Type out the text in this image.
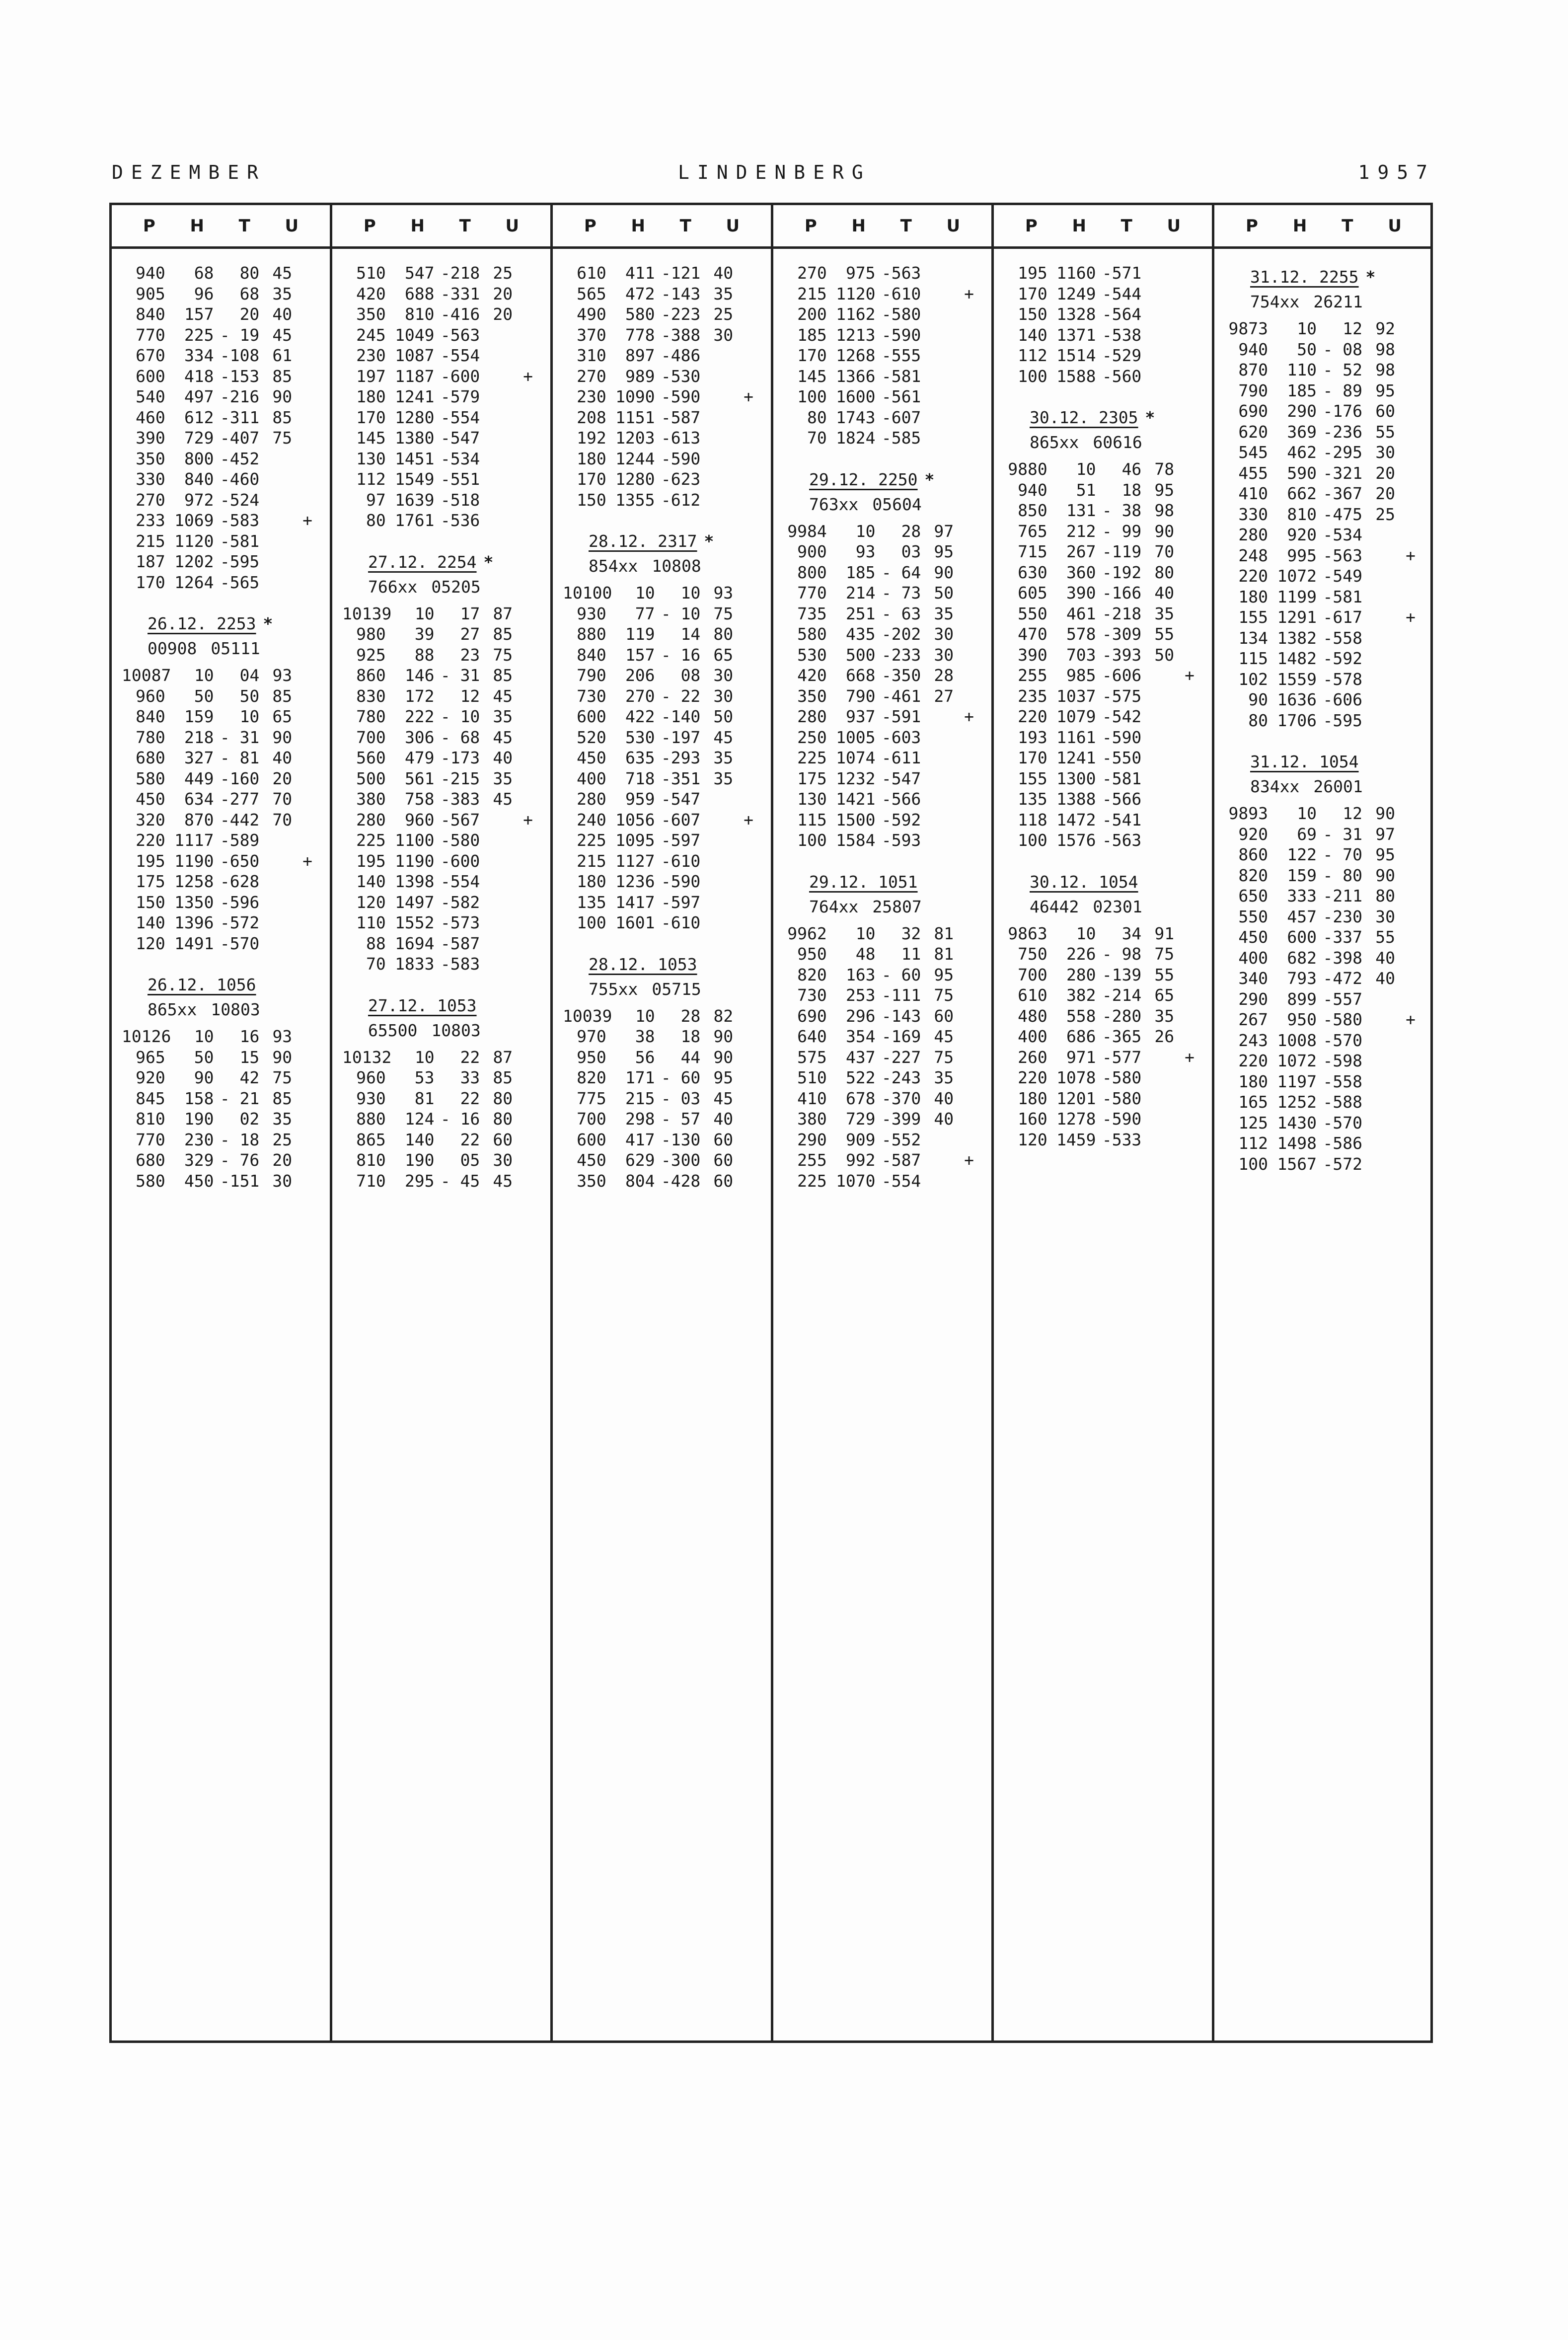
DEZEMBER	LINDENBERG	1957
P H T U
940	68	80 45
905	96	68 35
840	157	20 40
770	225 - 19 45
670	334 -108 61
600	418 -153 85
540	497 -216 90
460	612 -311 85
390	729 -407 75
350	800 -452
330	840 -460
270	972 -524
233 1069 -583	+
215 1120 -581
187 1202 -595
170 1264 -565
26.12. 2253 *
00908 05111
10087	10	04 93
960	50	50 85
840	159	10 65
780	218 - 31 90
680	327 - 81 40
580	449 -160 20
450	634 -277 70
320	870 -442 70
220 1117 -589
195 1190 -650	+
175 1258 -628
150 1350 -596
140 1396 -572
120 1491 -570
26.12. 1056
865xx 10803
10126	10	16 93
965	50	15 90
920	90	42 75
845	158 - 21 85
810	190	02 35
770	230 - 18 25
680	329 - 76 20
580	450 -151 30
P H T U
510	547 -218 25
420	688 -331 20
350	810 -416 20
245 1049 -563
230 1087 -554
197 1187 -600	+
180 1241 -579
170 1280 -554
145 1380 -547
130 1451 -534
112 1549 -551
97 1639 -518
80 1761 -536
27.12. 2254 *
766xx 05205
10139	10	17 87
980	39	27 85
925	88	23 75
860	146 - 31 85
830	172	12 45
780	222 - 10 35
700	306 - 68 45
560	479 -173 40
500	561 -215 35
380	758 -383 45
280	960 -567	+
225 1100 -580
195 1190 -600
140 1398 -554
120 1497 -582
110 1552 -573
88 1694 -587
70 1833 -583
27.12. 1053
65500 10803
10132	10	22 87
960	53	33 85
930	81	22 80
880	124 - 16 80
865	140	22 60
810	190	05 30
710	295 - 45 45
P H T U
610	411 -121 40
565	472 -143 35
490	580 -223 25
370	778 -388 30
310	897 -486
270	989 -530
230 1090 -590	+
208 1151 -587
192 1203 -613
180 1244 -590
170 1280 -623
150 1355 -612
28.12. 2317 *
854xx 10808
10100	10	10 93
930	77 - 10 75
880	119	14 80
840	157 - 16 65
790	206	08 30
730	270 - 22 30
600	422 -140 50
520	530 -197 45
450	635 -293 35
400	718 -351 35
280	959 -547
240 1056 -607	+
225 1095 -597
215 1127 -610
180 1236 -590
135 1417 -597
100 1601 -610
28.12. 1053
755xx 05715
10039	10	28 82
970	38	18 90
950	56	44 90
820	171 - 60 95
775	215 - 03 45
700	298 - 57 40
600	417 -130 60
450	629 -300 60
350	804 -428 60
P H T U
270	975 -563
215 1120 -610	+
200 1162 -580
185 1213 -590
170 1268 -555
145 1366 -581
100 1600 -561
80 1743 -607
70 1824 -585
29.12. 2250 *
763xx 05604
9984	10	28 97
900	93	03 95
800	185 - 64 90
770	214 - 73 50
735	251 - 63 35
580	435 -202 30
530	500 -233 30
420	668 -350 28
350	790 -461 27
280	937 -591	+
250 1005 -603
225 1074 -611
175 1232 -547
130 1421 -566
115 1500 -592
100 1584 -593
29.12. 1051
764xx 25807
9962	10	32 81
950	48	11 81
820	163 - 60 95
730	253 -111 75
690	296 -143 60
640	354 -169 45
575	437 -227 75
510	522 -243 35
410	678 -370 40
380	729 -399 40
290	909 -552
255	992 -587	+
225 1070 -554
P H T U
195 1160 -571
170 1249 -544
150 1328 -564
140 1371 -538
112 1514 -529
100 1588 -560
30.12. 2305 *
865xx 60616
9880	10	46 78
940	51	18 95
850	131 - 38 98
765	212 - 99 90
715	267 -119 70
630	360 -192 80
605	390 -166 40
550	461 -218 35
470	578 -309 55
390	703 -393 50
255	985 -606	+
235 1037 -575
220 1079 -542
193 1161 -590
170 1241 -550
155 1300 -581
135 1388 -566
118 1472 -541
100 1576 -563
30.12. 1054
46442 02301
9863	10	34 91
750	226 - 98 75
700	280 -139 55
610	382 -214 65
480	558 -280 35
400	686 -365 26
260	971 -577	+
220 1078 -580
180 1201 -580
160 1278 -590
120 1459 -533
P H T U
31.12. 2255 *
754xx 26211
9873	10	12 92
940	50 - 08 98
870	110 - 52 98
790	185 - 89 95
690	290 -176 60
620	369 -236 55
545	462 -295 30
455	590 -321 20
410	662 -367 20
330	810 -475 25
280	920 -534
248	995 -563	+
220 1072 -549
180 1199 -581
155 1291 -617	+
134 1382 -558
115 1482 -592
102 1559 -578
90 1636 -606
80 1706 -595
31.12. 1054
834xx 26001
9893	10	12 90
920	69 - 31 97
860	122 - 70 95
820	159 - 80 90
650	333 -211 80
550	457 -230 30
450	600 -337 55
400	682 -398 40
340	793 -472 40
290	899 -557
267	950 -580	+
243 1008 -570
220 1072 -598
180 1197 -558
165 1252 -588
125 1430 -570
112 1498 -586
100 1567 -572
